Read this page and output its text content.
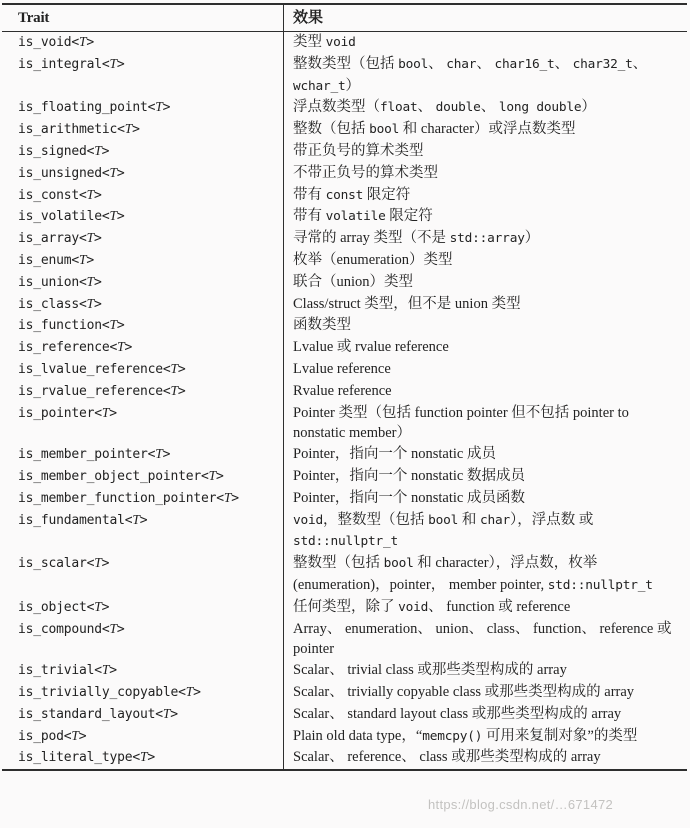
Trait	效果
is_void<T>	类型 void
is_integral<T>	整数类型（包括 bool、 char、 char16_t、 char32_t、 wchar_t）
is_floating_point<T>	浮点数类型（float、 double、 long double）
is_arithmetic<T>	整数（包括 bool 和 character）或浮点数类型
is_signed<T>	带正负号的算术类型
is_unsigned<T>	不带正负号的算术类型
is_const<T>	带有 const 限定符
is_volatile<T>	带有 volatile 限定符
is_array<T>	寻常的 array 类型（不是 std::array）
is_enum<T>	枚举（enumeration）类型
is_union<T>	联合（union）类型
is_class<T>	Class/struct 类型，但不是 union 类型
is_function<T>	函数类型
is_reference<T>	Lvalue 或 rvalue reference
is_lvalue_reference<T>	Lvalue reference
is_rvalue_reference<T>	Rvalue reference
is_pointer<T>	Pointer 类型（包括 function pointer 但不包括 pointer to nonstatic member）
is_member_pointer<T>	Pointer，指向一个 nonstatic 成员
is_member_object_pointer<T>	Pointer，指向一个 nonstatic 数据成员
is_member_function_pointer<T>	Pointer，指向一个 nonstatic 成员函数
is_fundamental<T>	void，整数型（包括 bool 和 char），浮点数 或std::nullptr_t
is_scalar<T>	整数型（包括 bool 和 character），浮点数，枚举 (enumeration)，pointer， member pointer, std::nullptr_t
is_object<T>	任何类型，除了 void、 function 或 reference
is_compound<T>	Array、 enumeration、 union、 class、 function、 reference 或 pointer
is_trivial<T>	Scalar、 trivial class 或那些类型构成的 array
is_trivially_copyable<T>	Scalar、 trivially copyable class 或那些类型构成的 array
is_standard_layout<T>	Scalar、 standard layout class 或那些类型构成的 array
is_pod<T>	Plain old data type，“memcpy() 可用来复制对象”的类型
is_literal_type<T>	Scalar、 reference、 class 或那些类型构成的 array
https://blog.csdn.net/…671472
